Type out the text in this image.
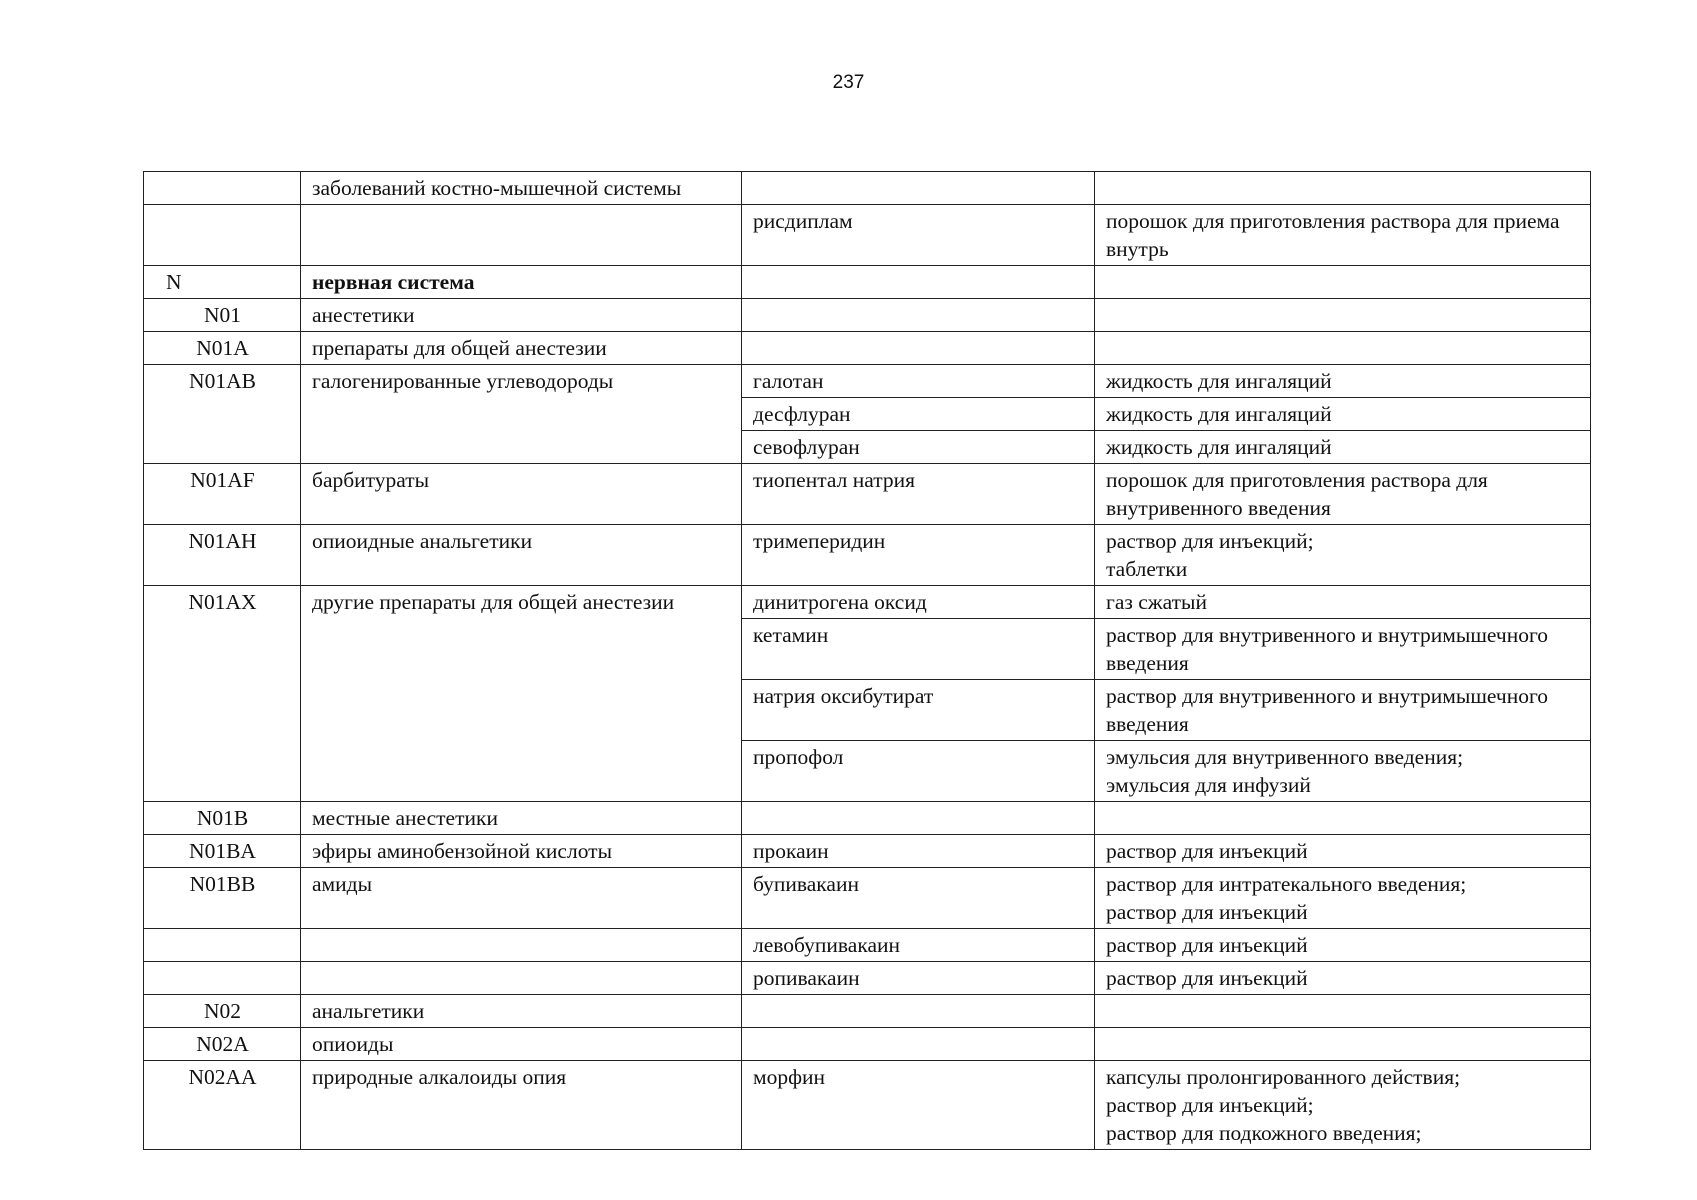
237
	заболеваний костно-мышечной системы		
		рисдиплам	порошок для приготовления раствора для приема внутрь

N	нервная система		
N01	анестетики		
N01A	препараты для общей анестезии		
N01AB	галогенированные углеводороды	галотан	жидкость для ингаляций

		десфлуран	жидкость для ингаляций

		севофлуран	жидкость для ингаляций

N01AF	барбитураты	тиопентал натрия	порошок для приготовления раствора для внутривенного введения

N01AH	опиоидные анальгетики	тримеперидин	раствор для инъекций;
таблетки

N01AX	другие препараты для общей анестезии	динитрогена оксид	газ сжатый

		кетамин	раствор для внутривенного и внутримышечного введения

		натрия оксибутират	раствор для внутривенного и внутримышечного введения

		пропофол	эмульсия для внутривенного введения;
эмульсия для инфузий

N01B	местные анестетики		
N01BA	эфиры аминобензойной кислоты	прокаин	раствор для инъекций

N01BB	амиды	бупивакаин	раствор для интратекального введения;
раствор для инъекций

		левобупивакаин	раствор для инъекций

		ропивакаин	раствор для инъекций

N02	анальгетики		
N02A	опиоиды		
N02AA	природные алкалоиды опия	морфин	капсулы пролонгированного действия;
раствор для инъекций;
раствор для подкожного введения;
